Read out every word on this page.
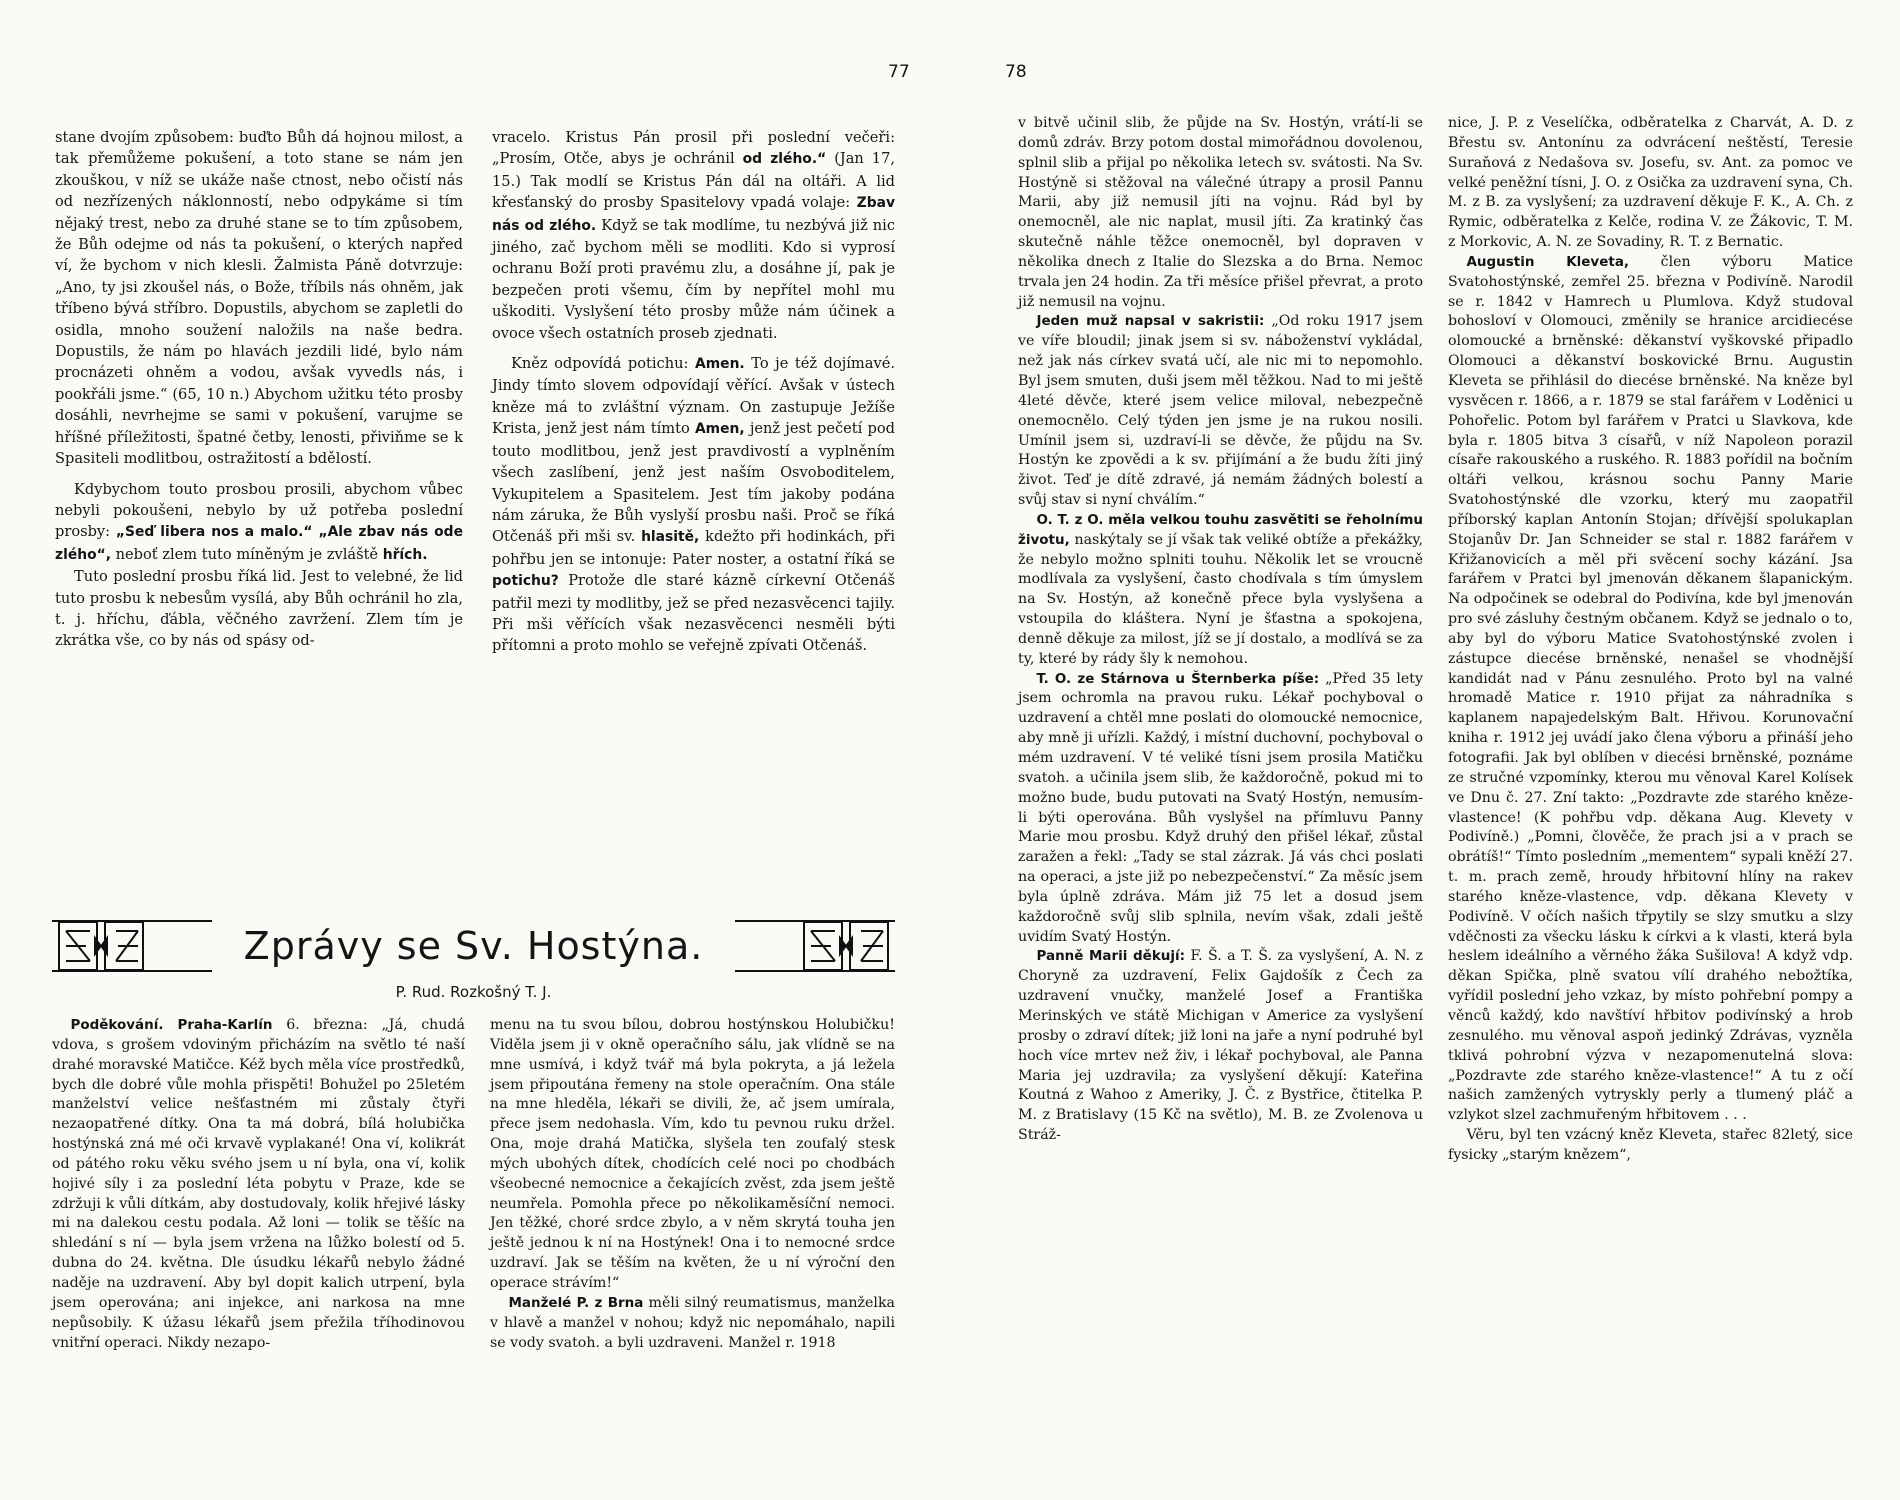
77	78

stane dvojím způsobem: buďto Bůh dá hojnou milost, a tak přemůžeme pokušení, a toto stane se nám jen zkouškou, v níž se ukáže naše ctnost, nebo očistí nás od nezřízených náklonností, nebo odpykáme si tím nějaký trest, nebo za druhé stane se to tím způsobem, že Bůh odejme od nás ta pokušení, o kterých napřed ví, že bychom v nich klesli. Žalmista Páně dotvrzuje: „Ano, ty jsi zkoušel nás, o Bože, tříbils nás ohněm, jak tříbeno bývá stříbro. Dopustils, abychom se zapletli do osidla, mnoho soužení naložils na naše bedra. Dopustils, že nám po hlavách jezdili lidé, bylo nám procnázeti ohněm a vodou, avšak vyvedls nás, i pookřáli jsme.“ (65, 10 n.) Abychom užitku této prosby dosáhli, nevrhejme se sami v pokušení, varujme se hříšné příležitosti, špatné četby, lenosti, přiviňme se k Spasiteli modlitbou, ostražitostí a bdělostí.

Kdybychom touto prosbou prosili, abychom vůbec nebyli pokoušeni, nebylo by už potřeba poslední prosby: „Seď libera nos a malo.“ „Ale zbav nás ode zlého“, neboť zlem tuto míněným je zvláště hřích.

Tuto poslední prosbu říká lid. Jest to velebné, že lid tuto prosbu k nebesům vysílá, aby Bůh ochránil ho zla, t. j. hříchu, ďábla, věčného zavržení. Zlem tím je zkrátka vše, co by nás od spásy od-

vracelo. Kristus Pán prosil při poslední večeři: „Prosím, Otče, abys je ochránil od zlého.“ (Jan 17, 15.) Tak modlí se Kristus Pán dál na oltáři. A lid křesťanský do prosby Spasitelovy vpadá volaje: Zbav nás od zlého. Když se tak modlíme, tu nezbývá již nic jiného, zač bychom měli se modliti. Kdo si vyprosí ochranu Boží proti pravému zlu, a dosáhne jí, pak je bezpečen proti všemu, čím by nepřítel mohl mu uškoditi. Vyslyšení této prosby může nám účinek a ovoce všech ostatních proseb zjednati.

Kněz odpovídá potichu: Amen. To je též dojímavé. Jindy tímto slovem odpovídají věřící. Avšak v ústech kněze má to zvláštní význam. On zastupuje Ježíše Krista, jenž jest nám tímto Amen, jenž jest pečetí pod touto modlitbou, jenž jest pravdivostí a vyplněním všech zaslíbení, jenž jest naším Osvoboditelem, Vykupitelem a Spasitelem. Jest tím jakoby podána nám záruka, že Bůh vyslyší prosbu naši. Proč se říká Otčenáš při mši sv. hlasitě, kdežto při hodinkách, při pohřbu jen se intonuje: Pater noster, a ostatní říká se potichu? Protože dle staré kázně církevní Otčenáš patřil mezi ty modlitby, jež se před nezasvěcenci tajily. Při mši věřících však nezasvěcenci nesměli býti přítomni a proto mohlo se veřejně zpívati Otčenáš.

Zprávy se Sv. Hostýna.
P. Rud. Rozkošný T. J.

Poděkování. Praha-Karlín 6. března: „Já, chudá vdova, s grošem vdoviným přicházím na světlo té naší drahé moravské Matičce. Kéž bych měla více prostředků, bych dle dobré vůle mohla přispěti! Bohužel po 25letém manželství velice nešťastném mi zůstaly čtyři nezaopatřené dítky. Ona ta má dobrá, bílá holubička hostýnská zná mé oči krvavě vyplakané! Ona ví, kolikrát od pátého roku věku svého jsem u ní byla, ona ví, kolik hojivé síly i za poslední léta pobytu v Praze, kde se zdržuji k vůli dítkám, aby dostudovaly, kolik hřejivé lásky mi na dalekou cestu podala. Až loni — tolik se těšíc na shledání s ní — byla jsem vržena na lůžko bolestí od 5. dubna do 24. května. Dle úsudku lékařů nebylo žádné naděje na uzdravení. Aby byl dopit kalich utrpení, byla jsem operována; ani injekce, ani narkosa na mne nepůsobily. K úžasu lékařů jsem přežila tříhodinovou vnitřní operaci. Nikdy nezapo-

menu na tu svou bílou, dobrou hostýnskou Holubičku! Viděla jsem ji v okně operačního sálu, jak vlídně se na mne usmívá, i když tvář má byla pokryta, a já ležela jsem připoutána řemeny na stole operačním. Ona stále na mne hleděla, lékaři se divili, že, ač jsem umírala, přece jsem nedohasla. Vím, kdo tu pevnou ruku držel. Ona, moje drahá Matička, slyšela ten zoufalý stesk mých ubohých dítek, chodících celé noci po chodbách všeobecné nemocnice a čekajících zvěst, zda jsem ještě neumřela. Pomohla přece po několikaměsíční nemoci. Jen těžké, choré srdce zbylo, a v něm skrytá touha jen ještě jednou k ní na Hostýnek! Ona i to nemocné srdce uzdraví. Jak se těším na květen, že u ní výroční den operace strávím!“

Manželé P. z Brna měli silný reumatismus, manželka v hlavě a manžel v nohou; když nic nepomáhalo, napili se vody svatoh. a byli uzdraveni. Manžel r. 1918

v bitvě učinil slib, že půjde na Sv. Hostýn, vrátí-li se domů zdráv. Brzy potom dostal mimořádnou dovolenou, splnil slib a přijal po několika letech sv. svátosti. Na Sv. Hostýně si stěžoval na válečné útrapy a prosil Pannu Marii, aby již nemusil jíti na vojnu. Rád byl by onemocněl, ale nic naplat, musil jíti. Za kratinký čas skutečně náhle těžce onemocněl, byl dopraven v několika dnech z Italie do Slezska a do Brna. Nemoc trvala jen 24 hodin. Za tři měsíce přišel převrat, a proto již nemusil na vojnu.

Jeden muž napsal v sakristii: „Od roku 1917 jsem ve víře bloudil; jinak jsem si sv. náboženství vykládal, než jak nás církev svatá učí, ale nic mi to nepomohlo. Byl jsem smuten, duši jsem měl těžkou. Nad to mi ještě 4leté děvče, které jsem velice miloval, nebezpečně onemocnělo. Celý týden jen jsme je na rukou nosili. Umínil jsem si, uzdraví-li se děvče, že půjdu na Sv. Hostýn ke zpovědi a k sv. přijímání a že budu žíti jiný život. Teď je dítě zdravé, já nemám žádných bolestí a svůj stav si nyní chválím.“

O. T. z O. měla velkou touhu zasvětiti se řeholnímu životu, naskýtaly se jí však tak veliké obtíže a překážky, že nebylo možno splniti touhu. Několik let se vroucně modlívala za vyslyšení, často chodívala s tím úmyslem na Sv. Hostýn, až konečně přece byla vyslyšena a vstoupila do kláštera. Nyní je šťastna a spokojena, denně děkuje za milost, jíž se jí dostalo, a modlívá se za ty, které by rády šly k nemohou.

T. O. ze Stárnova u Šternberka píše: „Před 35 lety jsem ochromla na pravou ruku. Lékař pochyboval o uzdravení a chtěl mne poslati do olomoucké nemocnice, aby mně ji uřízli. Každý, i místní duchovní, pochyboval o mém uzdravení. V té veliké tísni jsem prosila Matičku svatoh. a učinila jsem slib, že každoročně, pokud mi to možno bude, budu putovati na Svatý Hostýn, nemusím-li býti operována. Bůh vyslyšel na přímluvu Panny Marie mou prosbu. Když druhý den přišel lékař, zůstal zaražen a řekl: „Tady se stal zázrak. Já vás chci poslati na operaci, a jste již po nebezpečenství.“ Za měsíc jsem byla úplně zdráva. Mám již 75 let a dosud jsem každoročně svůj slib splnila, nevím však, zdali ještě uvidím Svatý Hostýn.

Panně Marii děkují: F. Š. a T. Š. za vyslyšení, A. N. z Choryně za uzdravení, Felix Gajdošík z Čech za uzdravení vnučky, manželé Josef a Františka Merinských ve státě Michigan v Americe za vyslyšení prosby o zdraví dítek; již loni na jaře a nyní podruhé byl hoch více mrtev než živ, i lékař pochyboval, ale Panna Maria jej uzdravila; za vyslyšení děkují: Kateřina Koutná z Wahoo z Ameriky, J. Č. z Bystřice, čtitelka P. M. z Bratislavy (15 Kč na světlo), M. B. ze Zvolenova u Stráž-

nice, J. P. z Veselíčka, odběratelka z Charvát, A. D. z Břestu sv. Antonínu za odvrácení neštěstí, Teresie Suraňová z Nedašova sv. Josefu, sv. Ant. za pomoc ve velké peněžní tísni, J. O. z Osička za uzdravení syna, Ch. M. z B. za vyslyšení; za uzdravení děkuje F. K., A. Ch. z Rymic, odběratelka z Kelče, rodina V. ze Žákovic, T. M. z Morkovic, A. N. ze Sovadiny, R. T. z Bernatic.

Augustin Kleveta, člen výboru Matice Svatohostýnské, zemřel 25. března v Podivíně. Narodil se r. 1842 v Hamrech u Plumlova. Když studoval bohosloví v Olomouci, změnily se hranice arcidiecése olomoucké a brněnské: děkanství vyškovské připadlo Olomouci a děkanství boskovické Brnu. Augustin Kleveta se přihlásil do diecése brněnské. Na kněze byl vysvěcen r. 1866, a r. 1879 se stal farářem v Loděnici u Pohořelic. Potom byl farářem v Pratci u Slavkova, kde byla r. 1805 bitva 3 císařů, v níž Napoleon porazil císaře rakouského a ruského. R. 1883 pořídil na bočním oltáři velkou, krásnou sochu Panny Marie Svatohostýnské dle vzorku, který mu zaopatřil příborský kaplan Antonín Stojan; dřívější spolukaplan Stojanův Dr. Jan Schneider se stal r. 1882 farářem v Křižanovicích a měl při svěcení sochy kázání. Jsa farářem v Pratci byl jmenován děkanem šlapanickým. Na odpočinek se odebral do Podivína, kde byl jmenován pro své zásluhy čestným občanem. Když se jednalo o to, aby byl do výboru Matice Svatohostýnské zvolen i zástupce diecése brněnské, nenašel se vhodnější kandidát nad v Pánu zesnulého. Proto byl na valné hromadě Matice r. 1910 přijat za náhradníka s kaplanem napajedelským Balt. Hřivou. Korunovační kniha r. 1912 jej uvádí jako člena výboru a přináší jeho fotografii. Jak byl oblíben v diecési brněnské, poznáme ze stručné vzpomínky, kterou mu věnoval Karel Kolísek ve Dnu č. 27. Zní takto: „Pozdravte zde starého kněze-vlastence! (K pohřbu vdp. děkana Aug. Klevety v Podivíně.) „Pomni, člověče, že prach jsi a v prach se obrátíš!“ Tímto posledním „mementem“ sypali kněží 27. t. m. prach země, hroudy hřbitovní hlíny na rakev starého kněze-vlastence, vdp. děkana Klevety v Podivíně. V očích našich třpytily se slzy smutku a slzy vděčnosti za všecku lásku k církvi a k vlasti, která byla heslem ideálního a věrného žáka Sušilova! A když vdp. děkan Spička, plně svatou vílí drahého nebožtíka, vyřídil poslední jeho vzkaz, by místo pohřební pompy a věnců každý, kdo navštíví hřbitov podivínský a hrob zesnulého. mu věnoval aspoň jedinký Zdrávas, vyzněla tklivá pohrobní výzva v nezapomenutelná slova: „Pozdravte zde starého kněze-vlastence!“ A tu z očí našich zamžených vytryskly perly a tlumený pláč a vzlykot slzel zachmuřeným hřbitovem . . .

Věru, byl ten vzácný kněz Kleveta, stařec 82letý, sice fysicky „starým knězem“,
